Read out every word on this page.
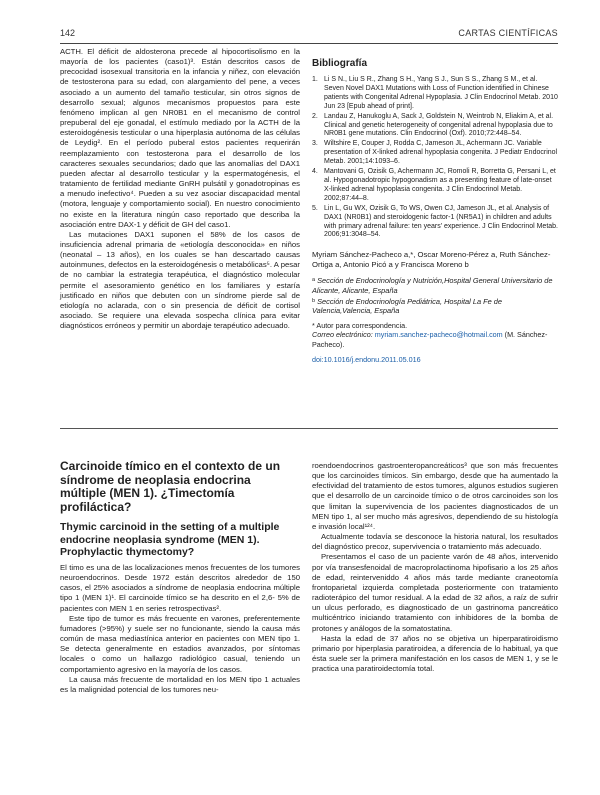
142	CARTAS CIENTÍFICAS

ACTH. El déficit de aldosterona precede al hipocortisolismo en la mayoría de los pacientes (caso1)³. Están descritos casos de precocidad isosexual transitoria en la infancia y niñez, con elevación de testosterona para su edad, con alargamiento del pene, a veces asociado a un aumento del tamaño testicular, sin otros signos de desarrollo sexual; algunos mecanismos propuestos para este fenómeno implican al gen NR0B1 en el mecanismo de control prepuberal del eje gonadal, el estímulo mediado por la ACTH de la esteroidogénesis testicular o una hiperplasia autónoma de las células de Leydig². En el período puberal estos pacientes requerirán reemplazamiento con testosterona para el desarrollo de los caracteres sexuales secundarios; dado que las anomalías del DAX1 pueden afectar al desarrollo testicular y la espermatogénesis, el tratamiento de fertilidad mediante GnRH pulsátil y gonadotropinas es a menudo inefectivo⁴. Pueden a su vez asociar discapacidad mental (motora, lenguaje y comportamiento social). En nuestro conocimiento no existe en la literatura ningún caso reportado que describa la asociación entre DAX-1 y déficit de GH del caso1.

Las mutaciones DAX1 suponen el 58% de los casos de insuficiencia adrenal primaria de «etiología desconocida» en niños (neonatal – 13 años), en los cuales se han descartado causas autoinmunes, defectos en la esteroidogénesis o metabólicas⁵. A pesar de no cambiar la estrategia terapéutica, el diagnóstico molecular permite el asesoramiento genético en los familiares y estaría justificado en niños que debuten con un síndrome pierde sal de etiología no aclarada, con o sin presencia de déficit de cortisol asociado. Se requiere una elevada sospecha clínica para evitar diagnósticos erróneos y permitir un abordaje terapéutico adecuado.

Bibliografía
1. Li S N., Liu S R., Zhang S H., Yang S J., Sun S S., Zhang S M., et al. Seven Novel DAX1 Mutations with Loss of Function identified in Chinese patients with Congenital Adrenal Hypoplasia. J Clin Endocrinol Metab. 2010 Jun 23 [Epub ahead of print].
2. Landau Z, Hanukoglu A, Sack J, Goldstein N, Weintrob N, Eliakim A, et al. Clinical and genetic heterogeneity of congenital adrenal hypoplasia due to NR0B1 gene mutations. Clin Endocrinol (Oxf). 2010;72:448–54.
3. Wiltshire E, Couper J, Rodda C, Jameson JL, Achermann JC. Variable presentation of X-linked adrenal hypoplasia congenita. J Pediatr Endocrinol Metab. 2001;14:1093–6.
4. Mantovani G, Ozisik G, Achermann JC, Romoli R, Borretta G, Persani L, et al. Hypogonadotropic hypogonadism as a presenting feature of late-onset X-linked adrenal hypoplasia congenita. J Clin Endocrinol Metab. 2002;87:44–8.
5. Lin L, Gu WX, Ozisik G, To WS, Owen CJ, Jameson JL, et al. Analysis of DAX1 (NR0B1) and steroidogenic factor-1 (NR5A1) in children and adults with primary adrenal failure: ten years' experience. J Clin Endocrinol Metab. 2006;91:3048–54.
Myriam Sánchez-Pacheco a,*, Oscar Moreno-Pérez a, Ruth Sánchez-Ortiga a, Antonio Picó a y Francisca Moreno b
$^a$ Sección de Endocrinología y Nutrición,Hospital General Universitario de Alicante, Alicante, España
$^b$ Sección de Endocrinología Pediátrica, Hospital La Fe de Valencia,Valencia, España
* Autor para correspondencia.
Correo electrónico: myriam.sanchez-pacheco@hotmail.com (M. Sánchez-Pacheco).
doi:10.1016/j.endonu.2011.05.016
Carcinoide tímico en el contexto de un síndrome de neoplasia endocrina múltiple (MEN 1). ¿Timectomía profiláctica?
Thymic carcinoid in the setting of a multiple endocrine neoplasia syndrome (MEN 1). Prophylactic thymectomy?

El timo es una de las localizaciones menos frecuentes de los tumores neuroendocrinos. Desde 1972 están descritos alrededor de 150 casos, el 25% asociados a síndrome de neoplasia endocrina múltiple tipo 1 (MEN 1)¹. El carcinoide tímico se ha descrito en el 2,6- 5% de pacientes con MEN 1 en series retrospectivas².

Este tipo de tumor es más frecuente en varones, preferentemente fumadores (>95%) y suele ser no funcionante, siendo la causa más común de masa mediastínica anterior en pacientes con MEN tipo 1. Se detecta generalmente en estadios avanzados, por síntomas locales o como un hallazgo radiológico casual, teniendo un comportamiento agresivo en la mayoría de los casos.

La causa más frecuente de mortalidad en los MEN tipo 1 actuales es la malignidad potencial de los tumores neu-

roendoendocrinos gastroenteropancreáticos³ que son más frecuentes que los carcinoides tímicos. Sin embargo, desde que ha aumentado la efectividad del tratamiento de estos tumores, algunos estudios sugieren que el desarrollo de un carcinoide tímico o de otros carcinoides son los que limitan la supervivencia de los pacientes diagnosticados de un MEN tipo 1, al ser mucho más agresivos, dependiendo de su histología e invasión local¹²⁴.

Actualmente todavía se desconoce la historia natural, los resultados del diagnóstico precoz, supervivencia o tratamiento más adecuado.

Presentamos el caso de un paciente varón de 48 años, intervenido por vía transesfenoidal de macroprolactinoma hipofisario a los 25 años de edad, reinterveniddo 4 años más tarde mediante craneotomía frontoparietal izquierda completada posteriormente con tratamiento radioterápico del tumor residual. A la edad de 32 años, a raíz de sufrir un ulcus perforado, es diagnosticado de un gastrinoma pancreático multicéntrico iniciando tratamiento con inhibidores de la bomba de protones y análogos de la somatostatina.

Hasta la edad de 37 años no se objetiva un hiperparatiroidismo primario por hiperplasia paratiroidea, a diferencia de lo habitual, ya que ésta suele ser la primera manifestación en los casos de MEN 1, y se le practica una paratiroidectomía total.
